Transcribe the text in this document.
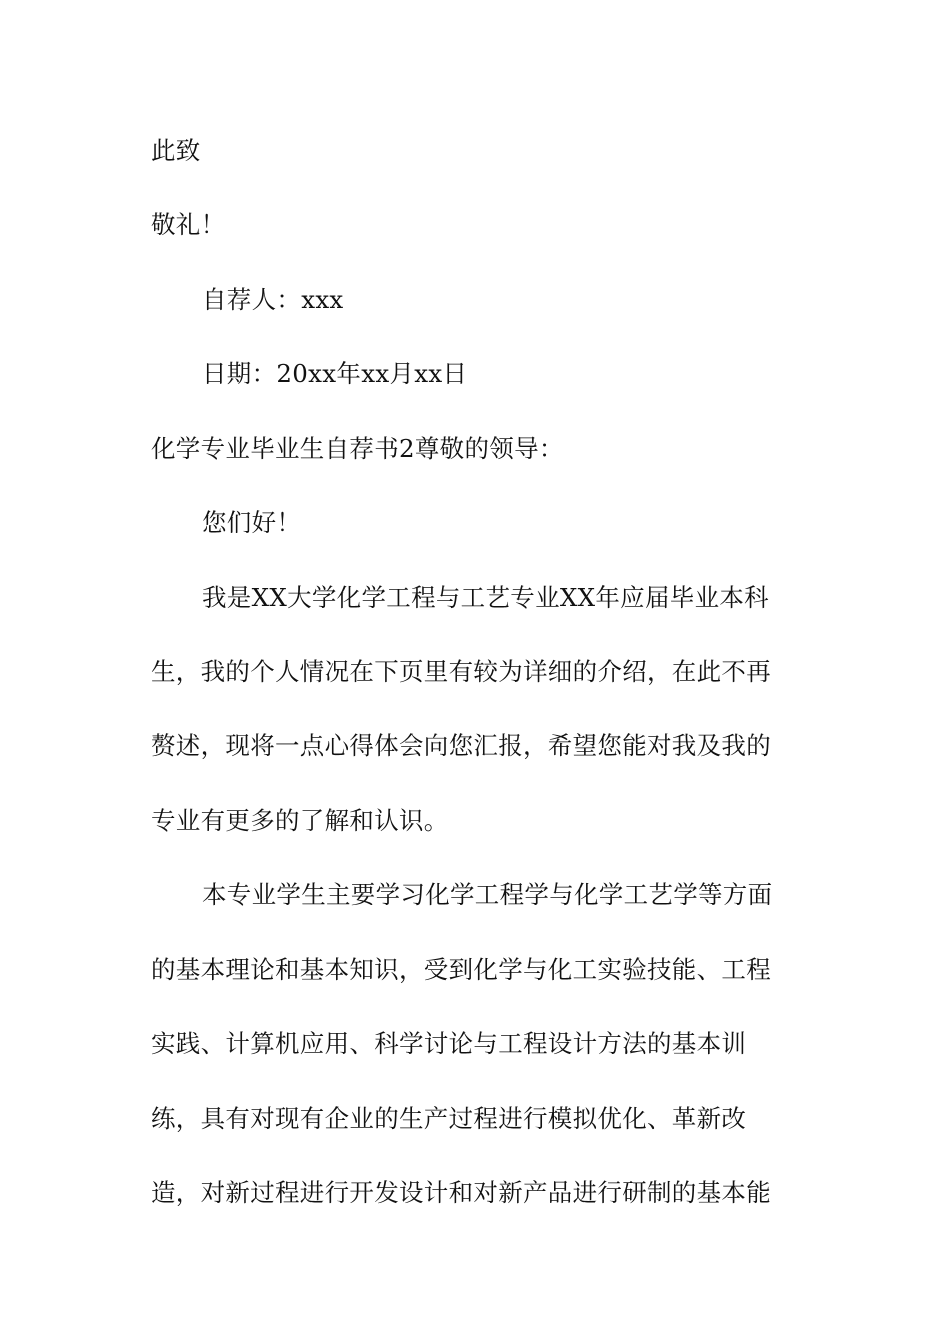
此致
敬礼！
自荐人：xxx
日期：20xx年xx月xx日
化学专业毕业生自荐书2尊敬的领导：
您们好！
我是XX大学化学工程与工艺专业XX年应届毕业本科
生，我的个人情况在下页里有较为详细的介绍，在此不再
赘述，现将一点心得体会向您汇报，希望您能对我及我的
专业有更多的了解和认识。
本专业学生主要学习化学工程学与化学工艺学等方面
的基本理论和基本知识，受到化学与化工实验技能、工程
实践、计算机应用、科学讨论与工程设计方法的基本训
练，具有对现有企业的生产过程进行模拟优化、革新改
造，对新过程进行开发设计和对新产品进行研制的基本能
